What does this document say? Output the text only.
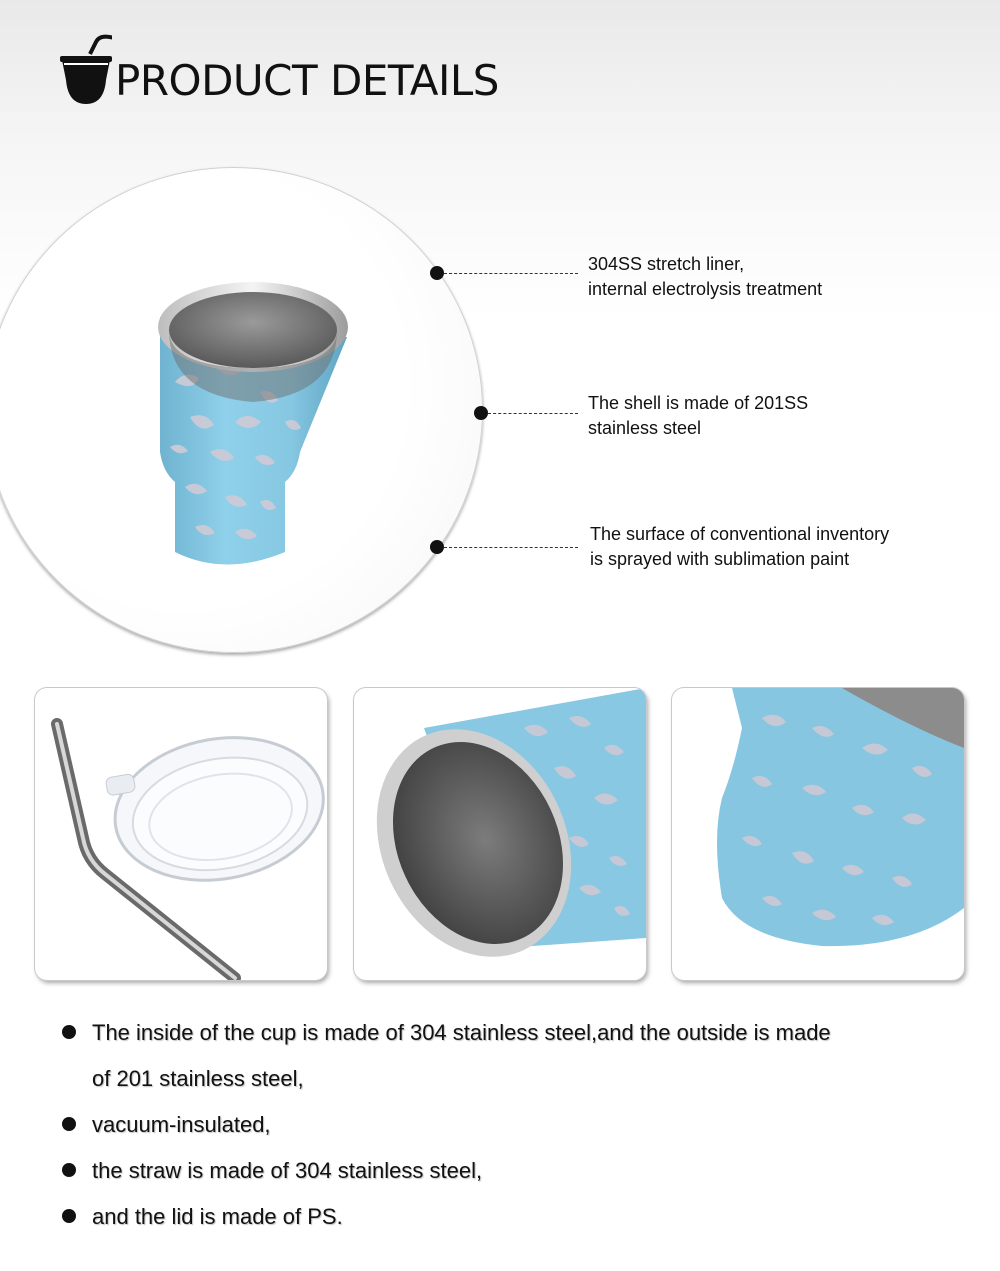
PRODUCT DETAILS
304SS stretch liner,
internal electrolysis treatment
The shell is made of 201SS
stainless steel
The surface of conventional inventory
is sprayed with sublimation paint
The inside of the cup is made of 304 stainless steel,and the outside is made
of 201 stainless steel,
vacuum-insulated,
the straw is made of 304 stainless steel,
and the lid is made of PS.
